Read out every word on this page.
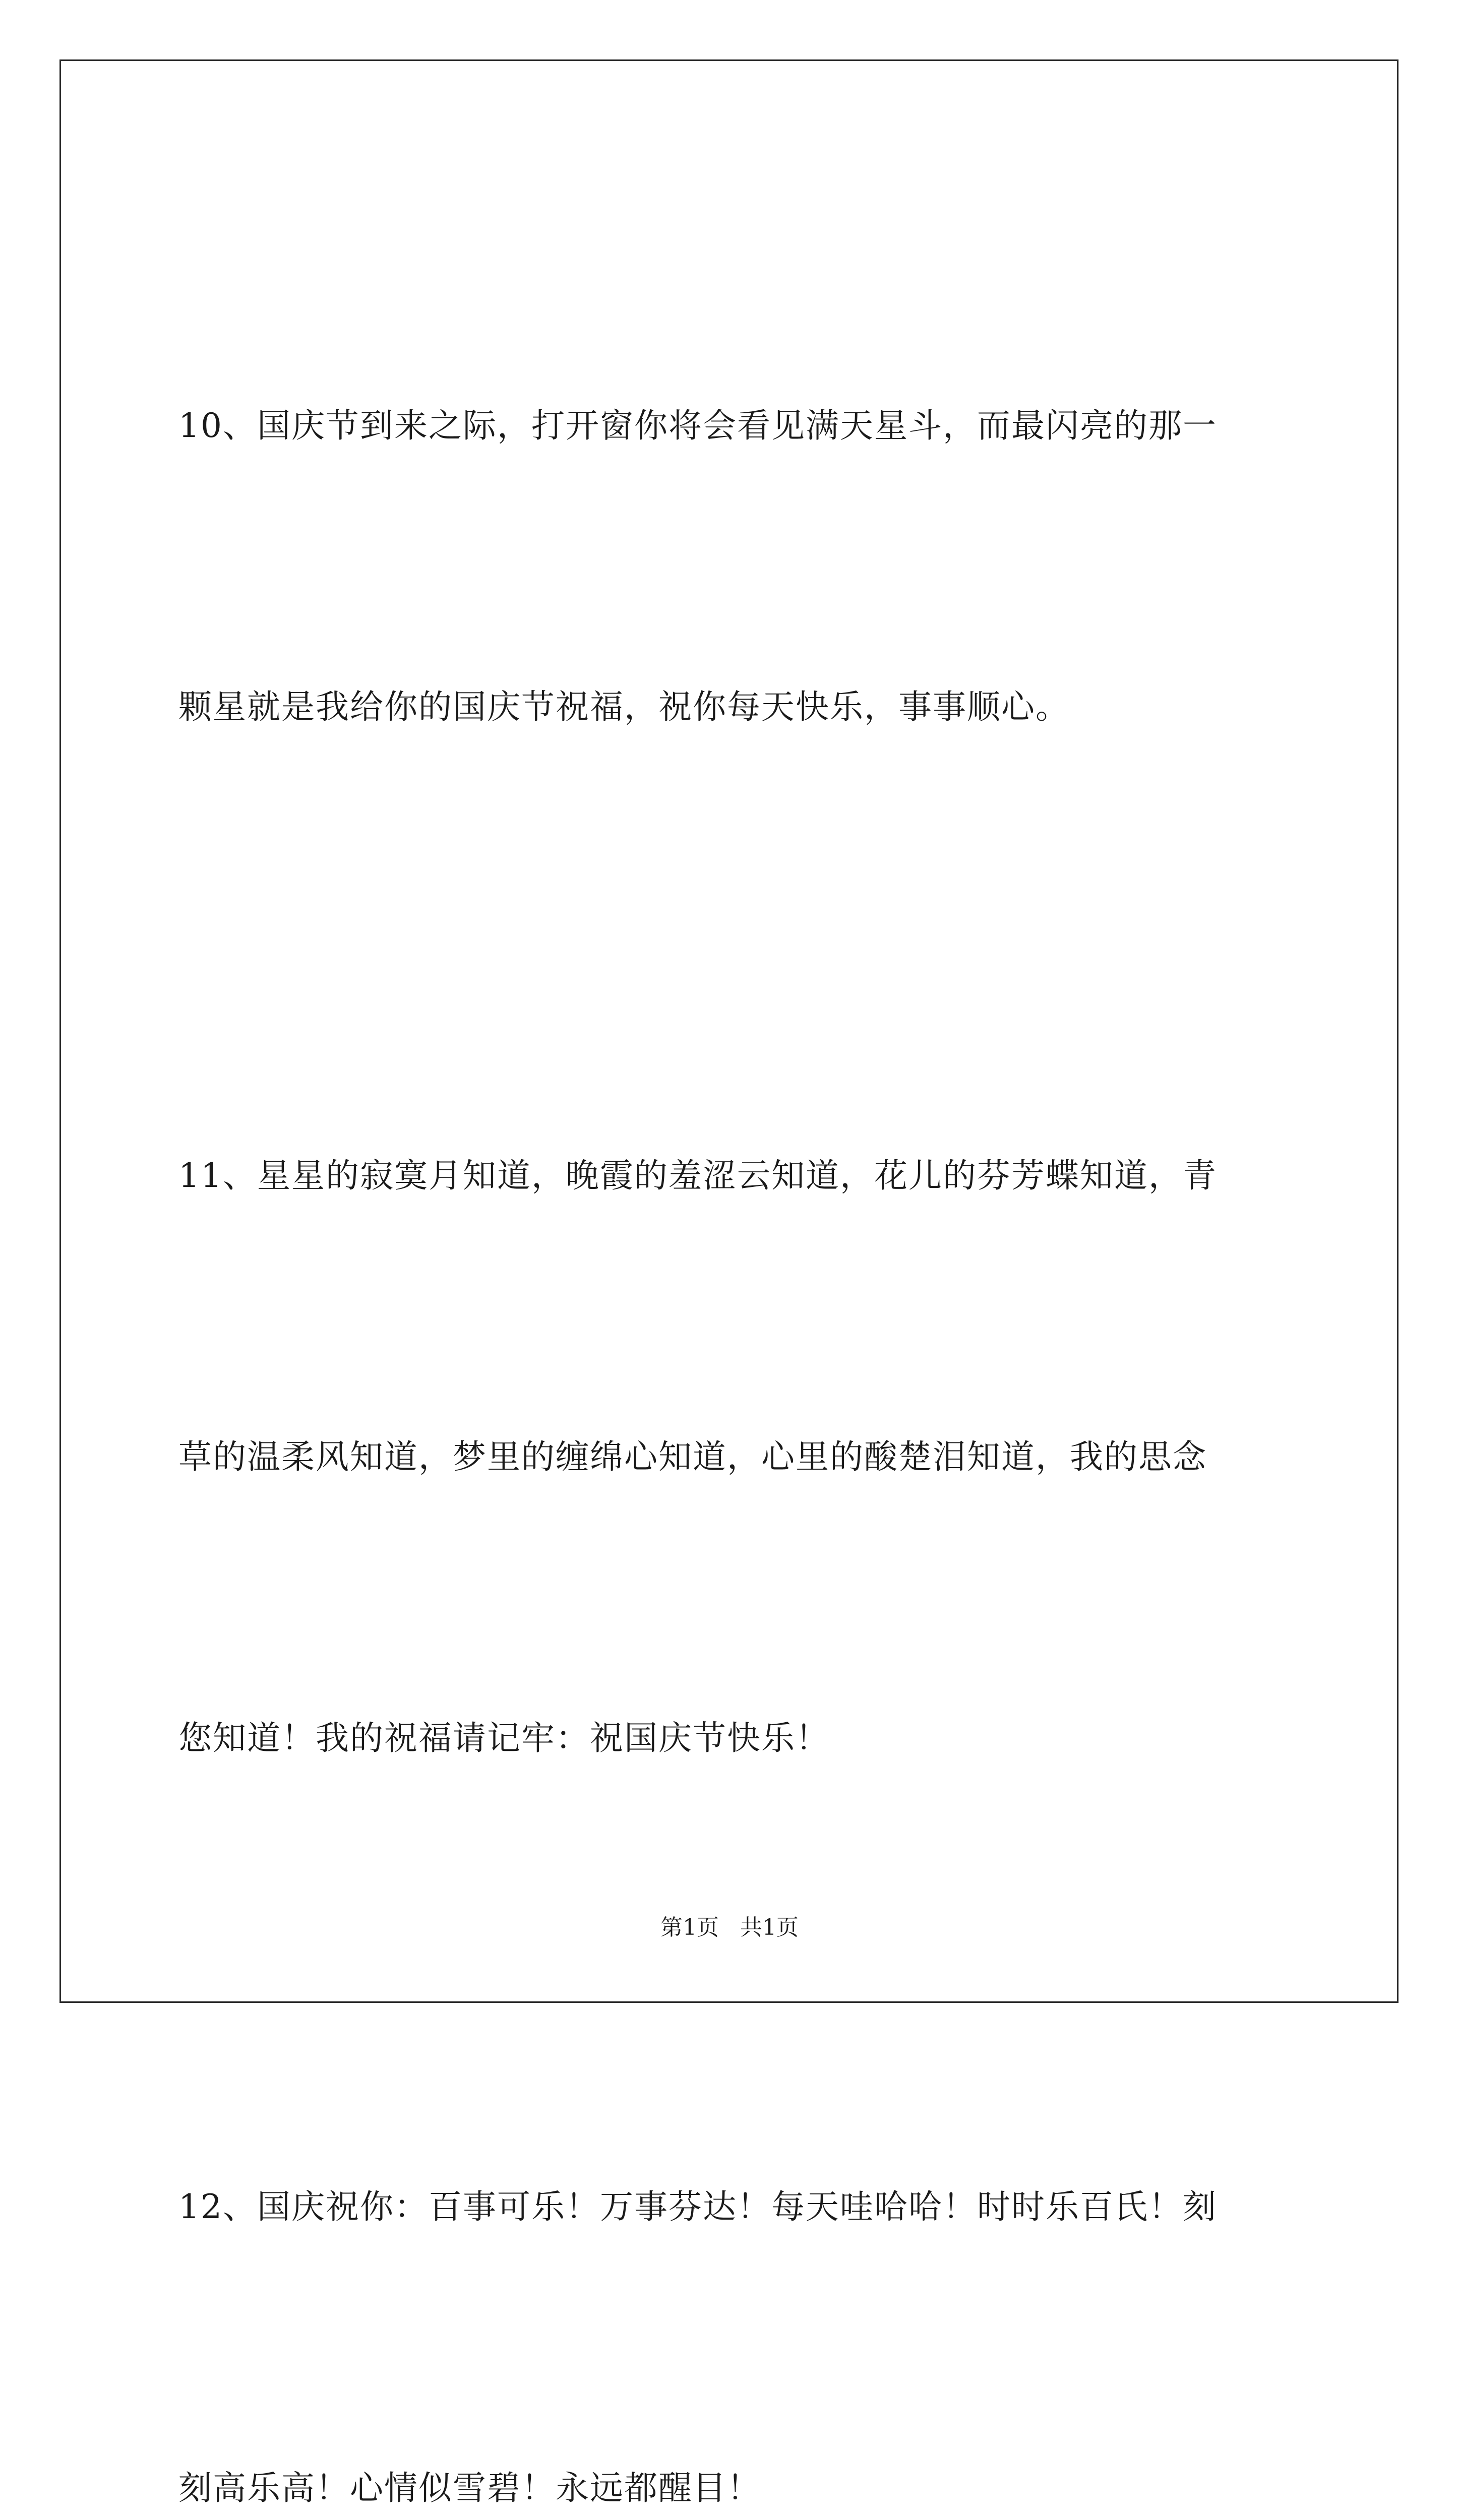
10、国庆节到来之际，打开窗你将会看见满天星斗，而最闪亮的那一

颗星就是我给你的国庆节祝福，祝你每天快乐，事事顺心。

11、星星的寂寞月知道，晚霞的羞涩云知道，花儿的芬芳蝶知道，青

草的温柔风知道，梦里的缠绵心知道，心里的酸楚泪知道，我的思念

您知道！我的祝福请记牢：祝国庆节快乐！

12、国庆祝你：百事可乐！万事芬达！每天哇哈哈！时时乐百氏！刻

刻高乐高！心情似雪碧！永远都醒目！

第1页 共1页
